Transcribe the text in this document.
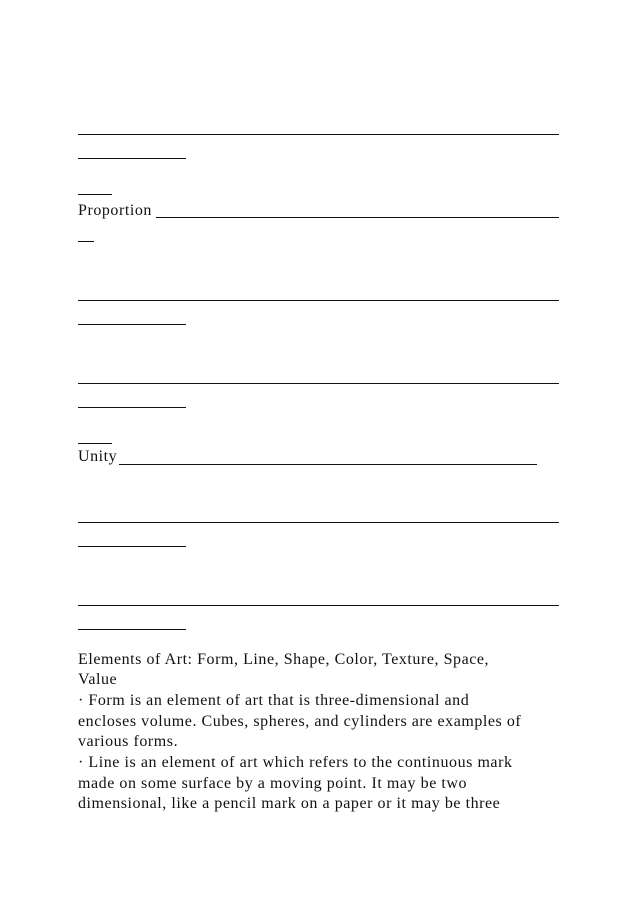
Proportion

Unity

Elements of Art: Form, Line, Shape, Color, Texture, Space,

Value

· Form is an element of art that is three-dimensional and

encloses volume. Cubes, spheres, and cylinders are examples of

various forms.

· Line is an element of art which refers to the continuous mark

made on some surface by a moving point. It may be two

dimensional, like a pencil mark on a paper or it may be three
